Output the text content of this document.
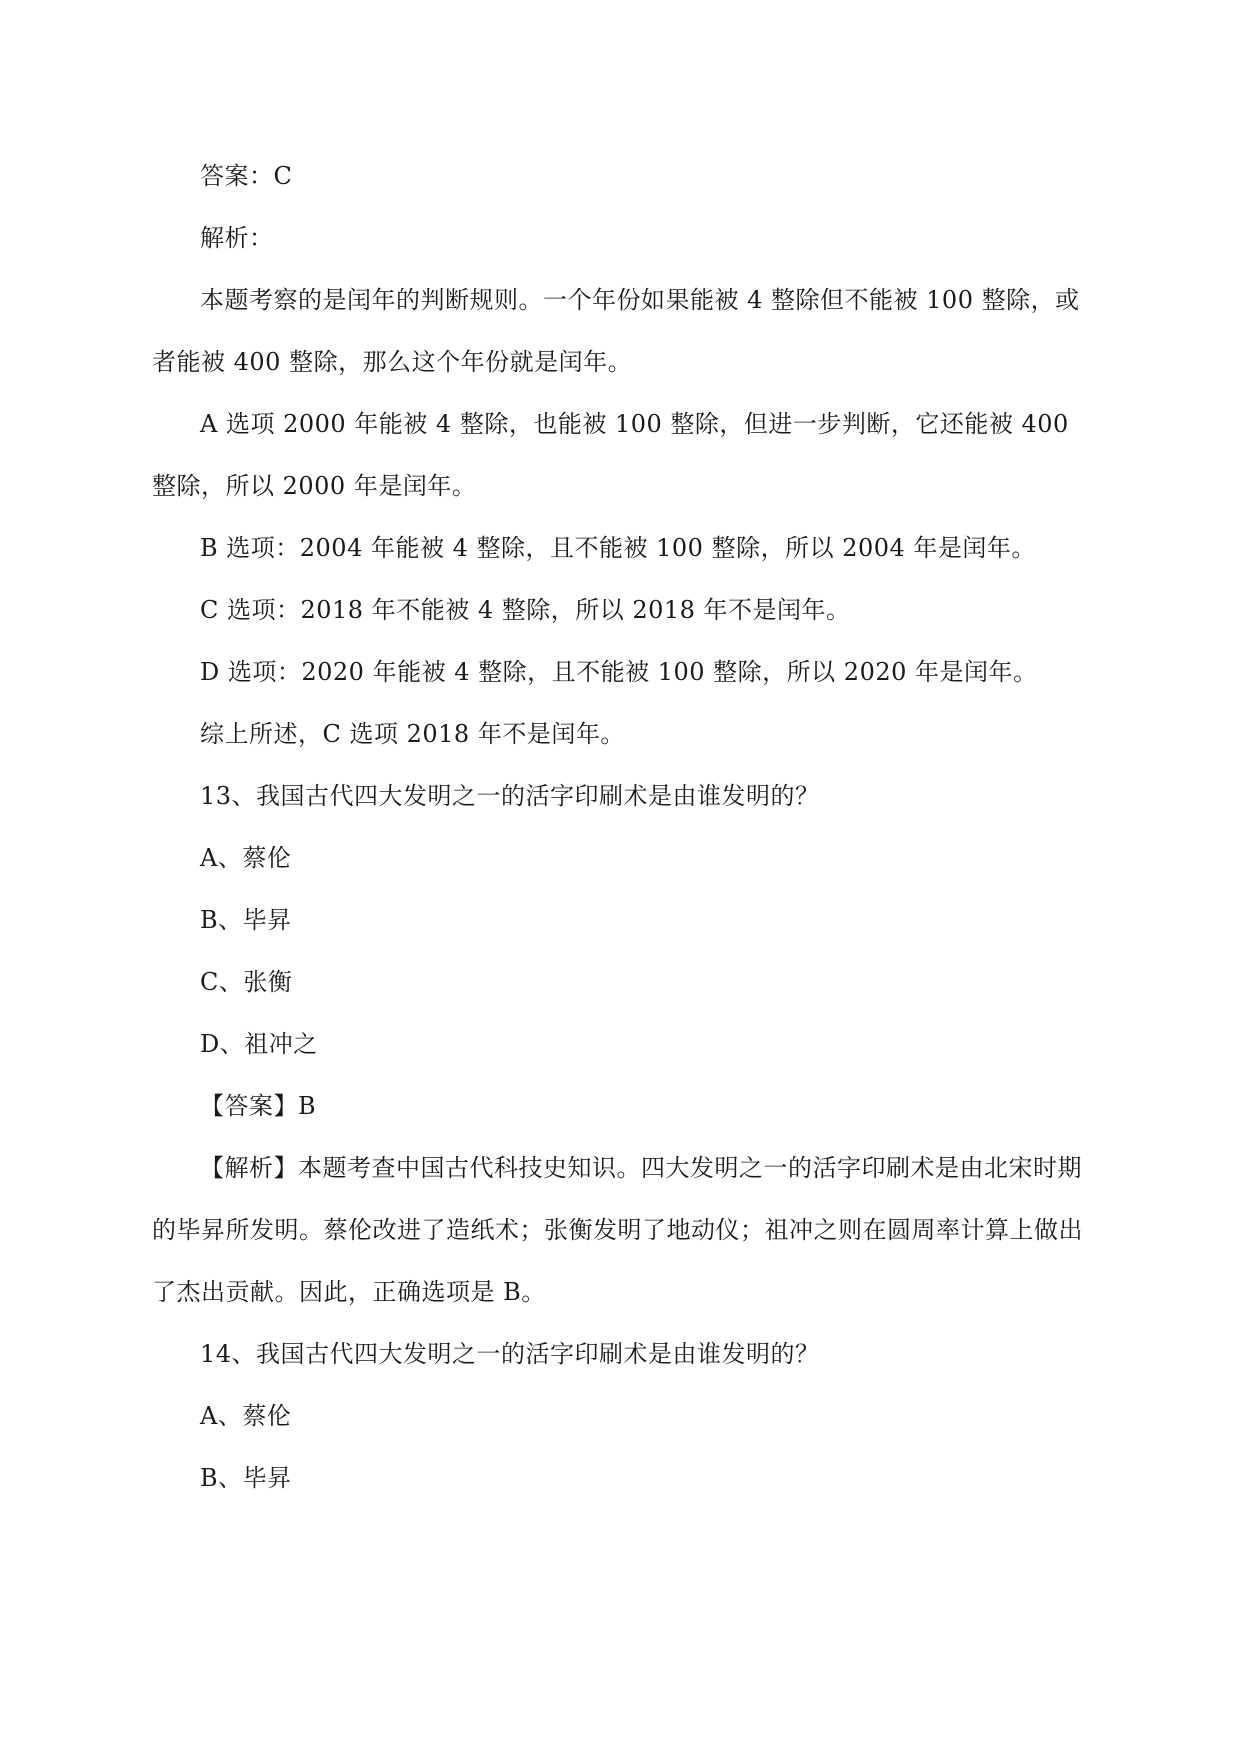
答案：C

解析：

本题考察的是闰年的判断规则。一个年份如果能被 4 整除但不能被 100 整除，或者能被 400 整除，那么这个年份就是闰年。

A 选项 2000 年能被 4 整除，也能被 100 整除，但进一步判断，它还能被 400 整除，所以 2000 年是闰年。

B 选项：2004 年能被 4 整除，且不能被 100 整除，所以 2004 年是闰年。

C 选项：2018 年不能被 4 整除，所以 2018 年不是闰年。

D 选项：2020 年能被 4 整除，且不能被 100 整除，所以 2020 年是闰年。

综上所述，C 选项 2018 年不是闰年。

13、我国古代四大发明之一的活字印刷术是由谁发明的？

A、蔡伦

B、毕昇

C、张衡

D、祖冲之

【答案】B

【解析】本题考查中国古代科技史知识。四大发明之一的活字印刷术是由北宋时期的毕昇所发明。蔡伦改进了造纸术；张衡发明了地动仪；祖冲之则在圆周率计算上做出了杰出贡献。因此，正确选项是 B。

14、我国古代四大发明之一的活字印刷术是由谁发明的？

A、蔡伦

B、毕昇
